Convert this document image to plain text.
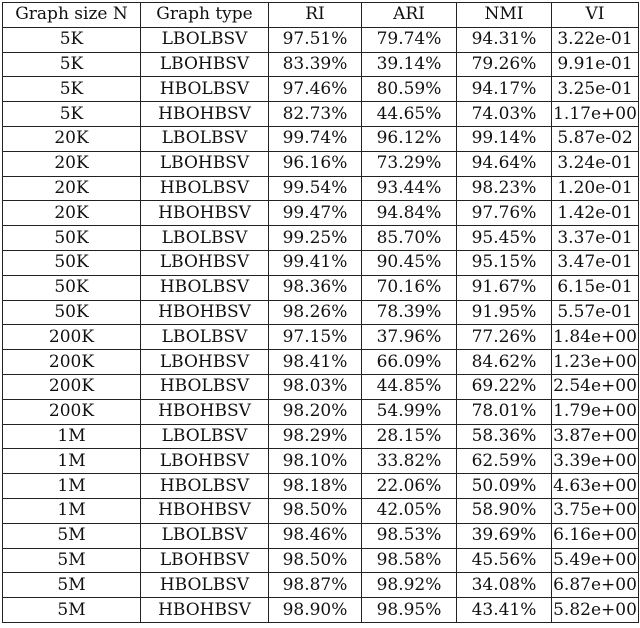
Graph size N	Graph type	RI	ARI	NMI	VI
5K	LBOLBSV	97.51%	79.74%	94.31%	3.22e-01
5K	LBOHBSV	83.39%	39.14%	79.26%	9.91e-01
5K	HBOLBSV	97.46%	80.59%	94.17%	3.25e-01
5K	HBOHBSV	82.73%	44.65%	74.03%	1.17e+00
20K	LBOLBSV	99.74%	96.12%	99.14%	5.87e-02
20K	LBOHBSV	96.16%	73.29%	94.64%	3.24e-01
20K	HBOLBSV	99.54%	93.44%	98.23%	1.20e-01
20K	HBOHBSV	99.47%	94.84%	97.76%	1.42e-01
50K	LBOLBSV	99.25%	85.70%	95.45%	3.37e-01
50K	LBOHBSV	99.41%	90.45%	95.15%	3.47e-01
50K	HBOLBSV	98.36%	70.16%	91.67%	6.15e-01
50K	HBOHBSV	98.26%	78.39%	91.95%	5.57e-01
200K	LBOLBSV	97.15%	37.96%	77.26%	1.84e+00
200K	LBOHBSV	98.41%	66.09%	84.62%	1.23e+00
200K	HBOLBSV	98.03%	44.85%	69.22%	2.54e+00
200K	HBOHBSV	98.20%	54.99%	78.01%	1.79e+00
1M	LBOLBSV	98.29%	28.15%	58.36%	3.87e+00
1M	LBOHBSV	98.10%	33.82%	62.59%	3.39e+00
1M	HBOLBSV	98.18%	22.06%	50.09%	4.63e+00
1M	HBOHBSV	98.50%	42.05%	58.90%	3.75e+00
5M	LBOLBSV	98.46%	98.53%	39.69%	6.16e+00
5M	LBOHBSV	98.50%	98.58%	45.56%	5.49e+00
5M	HBOLBSV	98.87%	98.92%	34.08%	6.87e+00
5M	HBOHBSV	98.90%	98.95%	43.41%	5.82e+00
